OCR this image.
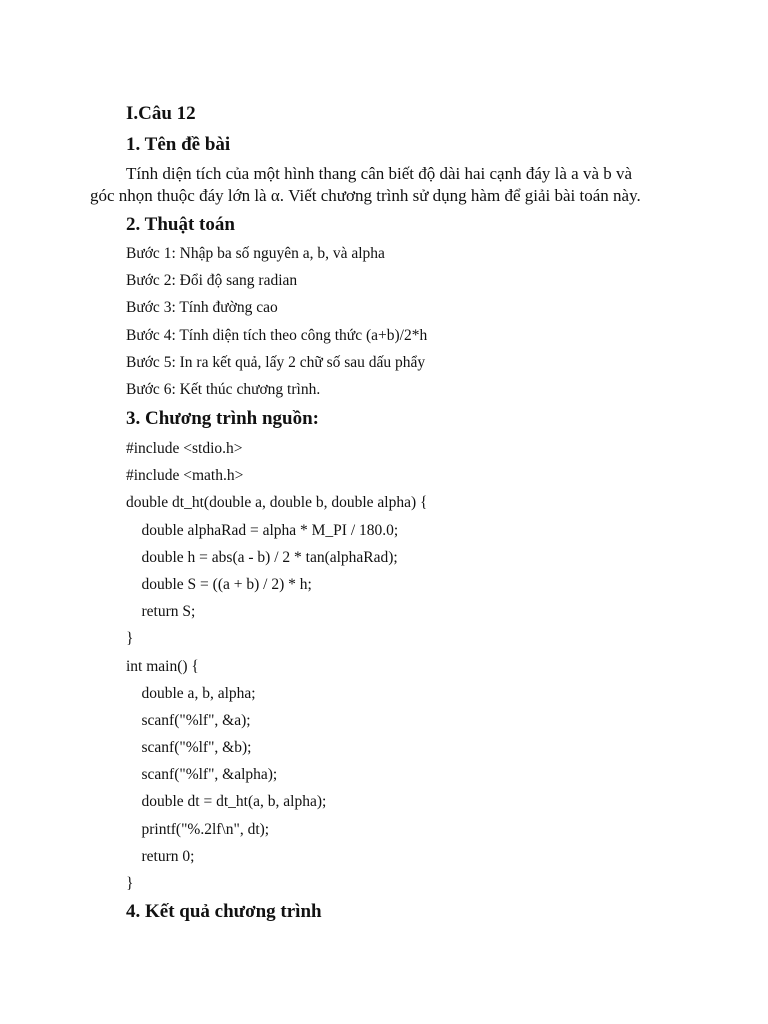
I.Câu 12
1. Tên đề bài
Tính diện tích của một hình thang cân biết độ dài hai cạnh đáy là a và b và
góc nhọn thuộc đáy lớn là α. Viết chương trình sử dụng hàm để giải bài toán này.
2. Thuật toán
Bước 1: Nhập ba số nguyên a, b, và alpha
Bước 2: Đổi độ sang radian
Bước 3: Tính đường cao
Bước 4: Tính diện tích theo công thức (a+b)/2*h
Bước 5: In ra kết quả, lấy 2 chữ số sau dấu phẩy
Bước 6: Kết thúc chương trình.
3. Chương trình nguồn:
#include <stdio.h>
#include <math.h>
double dt_ht(double a, double b, double alpha) {
double alphaRad = alpha * M_PI / 180.0;
double h = abs(a - b) / 2 * tan(alphaRad);
double S = ((a + b) / 2) * h;
return S;
}
int main() {
double a, b, alpha;
scanf("%lf", &a);
scanf("%lf", &b);
scanf("%lf", &alpha);
double dt = dt_ht(a, b, alpha);
printf("%.2lf\n", dt);
return 0;
}
4. Kết quả chương trình
